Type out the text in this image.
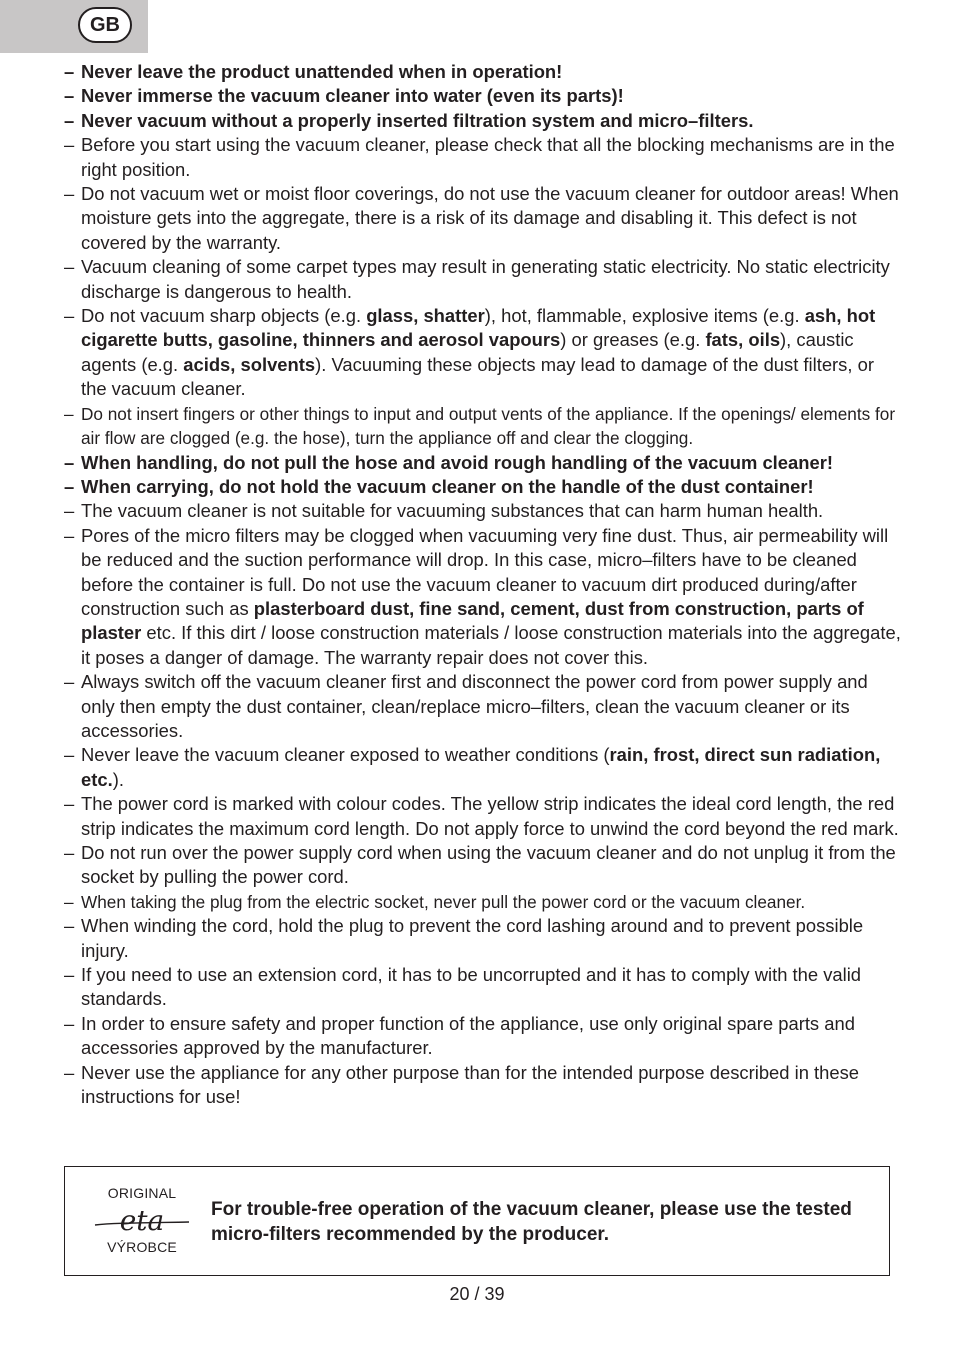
GB
– Never leave the product unattended when in operation!
– Never immerse the vacuum cleaner into water (even its parts)!
– Never vacuum without a properly inserted filtration system and micro–filters.
– Before you start using the vacuum cleaner, please check that all the blocking mechanisms are in the right position.
– Do not vacuum wet or moist floor coverings, do not use the vacuum cleaner for outdoor areas! When moisture gets into the aggregate, there is a risk of its damage and disabling it. This defect is not covered by the warranty.
– Vacuum cleaning of some carpet types may result in generating static electricity. No static electricity discharge is dangerous to health.
– Do not vacuum sharp objects (e.g. glass, shatter), hot, flammable, explosive items (e.g. ash, hot cigarette butts, gasoline, thinners and aerosol vapours) or greases (e.g. fats, oils), caustic agents (e.g. acids, solvents). Vacuuming these objects may lead to damage of the dust filters, or the vacuum cleaner.
– Do not insert fingers or other things to input and output vents of the appliance. If the openings/ elements for air flow are clogged (e.g. the hose), turn the appliance off and clear the clogging.
– When handling, do not pull the hose and avoid rough handling of the vacuum cleaner!
– When carrying, do not hold the vacuum cleaner on the handle of the dust container!
– The vacuum cleaner is not suitable for vacuuming substances that can harm human health.
– Pores of the micro filters may be clogged when vacuuming very fine dust. Thus, air permeability will be reduced and the suction performance will drop. In this case, micro–filters have to be cleaned before the container is full. Do not use the vacuum cleaner to vacuum dirt produced during/after construction such as plasterboard dust, fine sand, cement, dust from construction, parts of plaster etc. If this dirt / loose construction materials / loose construction materials into the aggregate, it poses a danger of damage. The warranty repair does not cover this.
– Always switch off the vacuum cleaner first and disconnect the power cord from power supply and only then empty the dust container, clean/replace micro–filters, clean the vacuum cleaner or its accessories.
– Never leave the vacuum cleaner exposed to weather conditions (rain, frost, direct sun radiation, etc.).
– The power cord is marked with colour codes. The yellow strip indicates the ideal cord length, the red strip indicates the maximum cord length. Do not apply force to unwind the cord beyond the red mark.
– Do not run over the power supply cord when using the vacuum cleaner and do not unplug it from the socket by pulling the power cord.
– When taking the plug from the electric socket, never pull the power cord or the vacuum cleaner.
– When winding the cord, hold the plug to prevent the cord lashing around and to prevent possible injury.
– If you need to use an extension cord, it has to be uncorrupted and it has to comply with the valid standards.
– In order to ensure safety and proper function of the appliance, use only original spare parts and accessories approved by the manufacturer.
– Never use the appliance for any other purpose than for the intended purpose described in these instructions for use!
ORIGINAL
eta
VÝROBCE
For trouble-free operation of the vacuum cleaner, please use the tested micro-filters recommended by the producer.
20 / 39
